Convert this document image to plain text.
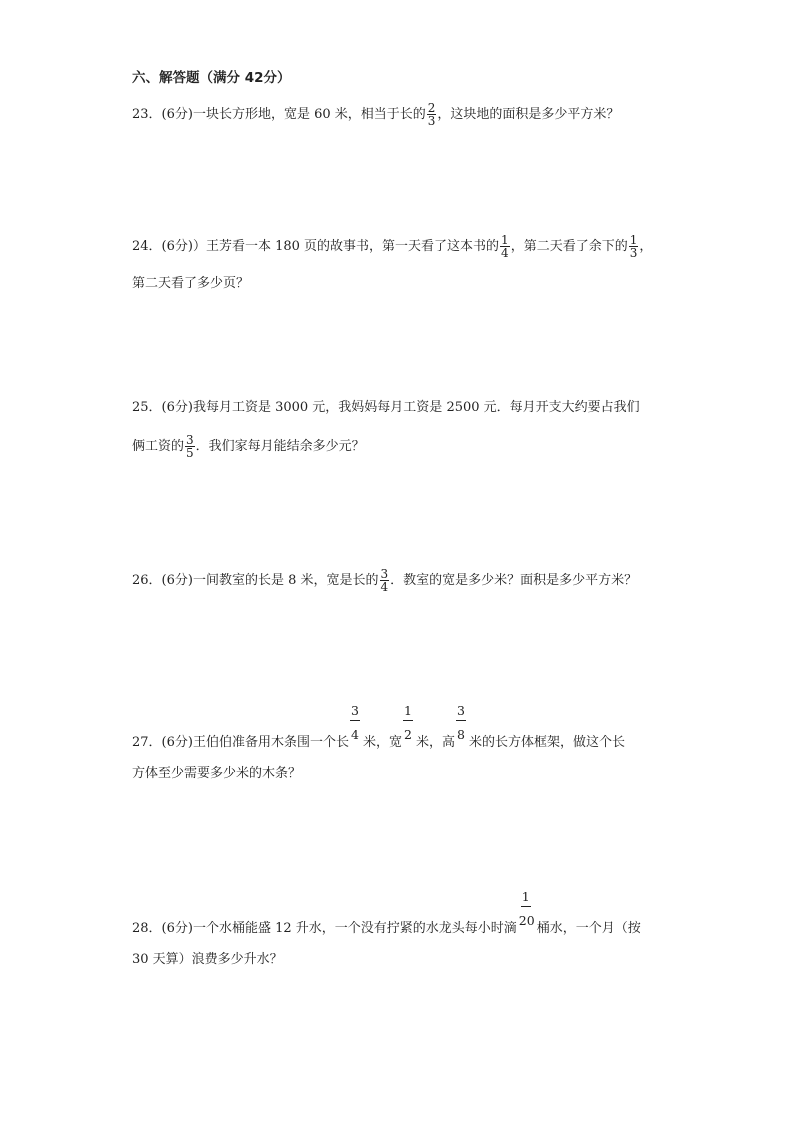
六、解答题（满分 42分）
23．(6分)一块长方形地，宽是 60 米，相当于长的 $\frac{2}{3}$ ，这块地的面积是多少平方米？
24．(6分)）王芳看一本 180 页的故事书，第一天看了这本书的 $\frac{1}{4}$ ，第二天看了余下的 $\frac{1}{3}$ ，
第二天看了多少页？
25．(6分)我每月工资是 3000 元，我妈妈每月工资是 2500 元．每月开支大约要占我们
俩工资的 $\frac{3}{5}$ ．我们家每月能结余多少元？
26．(6分)一间教室的长是 8 米，宽是长的 $\frac{3}{4}$ ．教室的宽是多少米？面积是多少平方米？
27．(6分)王伯伯准备用木条围一个长 $\frac{3}{4}$ 米，宽 $\frac{1}{2}$ 米，高 $\frac{3}{8}$ 米的长方体框架，做这个长
方体至少需要多少米的木条？
28．(6分)一个水桶能盛 12 升水，一个没有拧紧的水龙头每小时滴 $\frac{1}{20}$ 桶水，一个月（按
30 天算）浪费多少升水？
